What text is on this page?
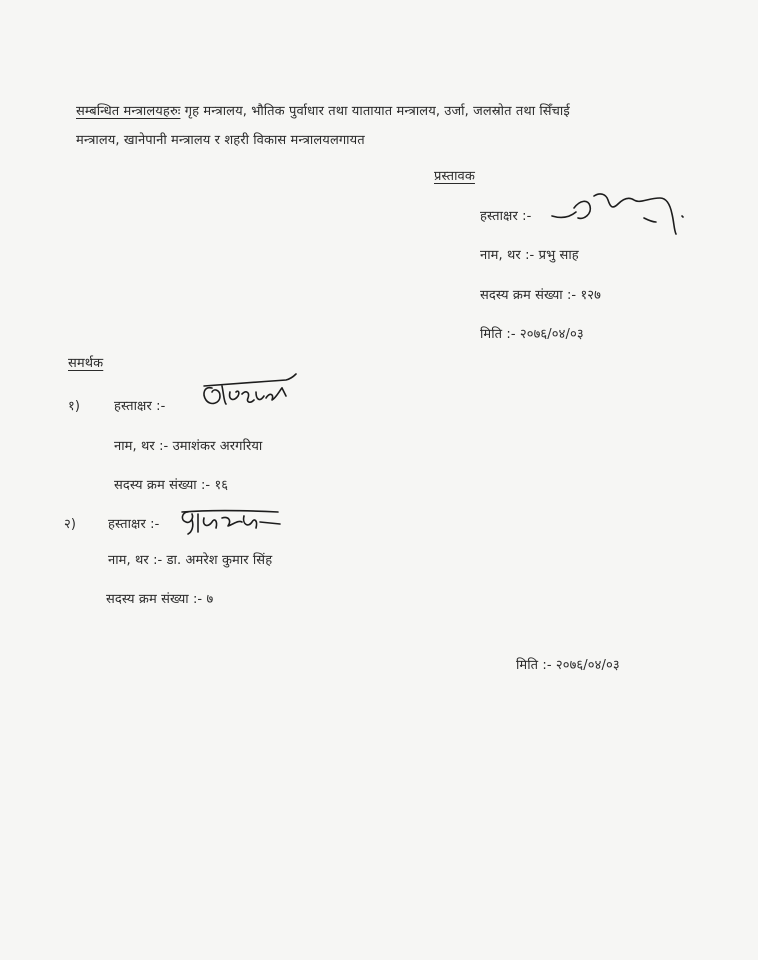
सम्बन्धित मन्त्रालयहरुः गृह मन्त्रालय, भौतिक पुर्वाधार तथा यातायात मन्त्रालय, उर्जा, जलस्रोत तथा सिँचाई
मन्त्रालय, खानेपानी मन्त्रालय र शहरी विकास मन्त्रालयलगायत
प्रस्तावक
हस्ताक्षर :-
नाम, थर :- प्रभु साह
सदस्य क्रम संख्या :- १२७
मिति :- २०७६/०४/०३
समर्थक
१)	हस्ताक्षर :-
नाम, थर :- उमाशंकर अरगरिया
सदस्य क्रम संख्या :- १६
२) हस्ताक्षर :-
नाम, थर :- डा. अमरेश कुमार सिंह
सदस्य क्रम संख्या :- ७
मिति :- २०७६/०४/०३
